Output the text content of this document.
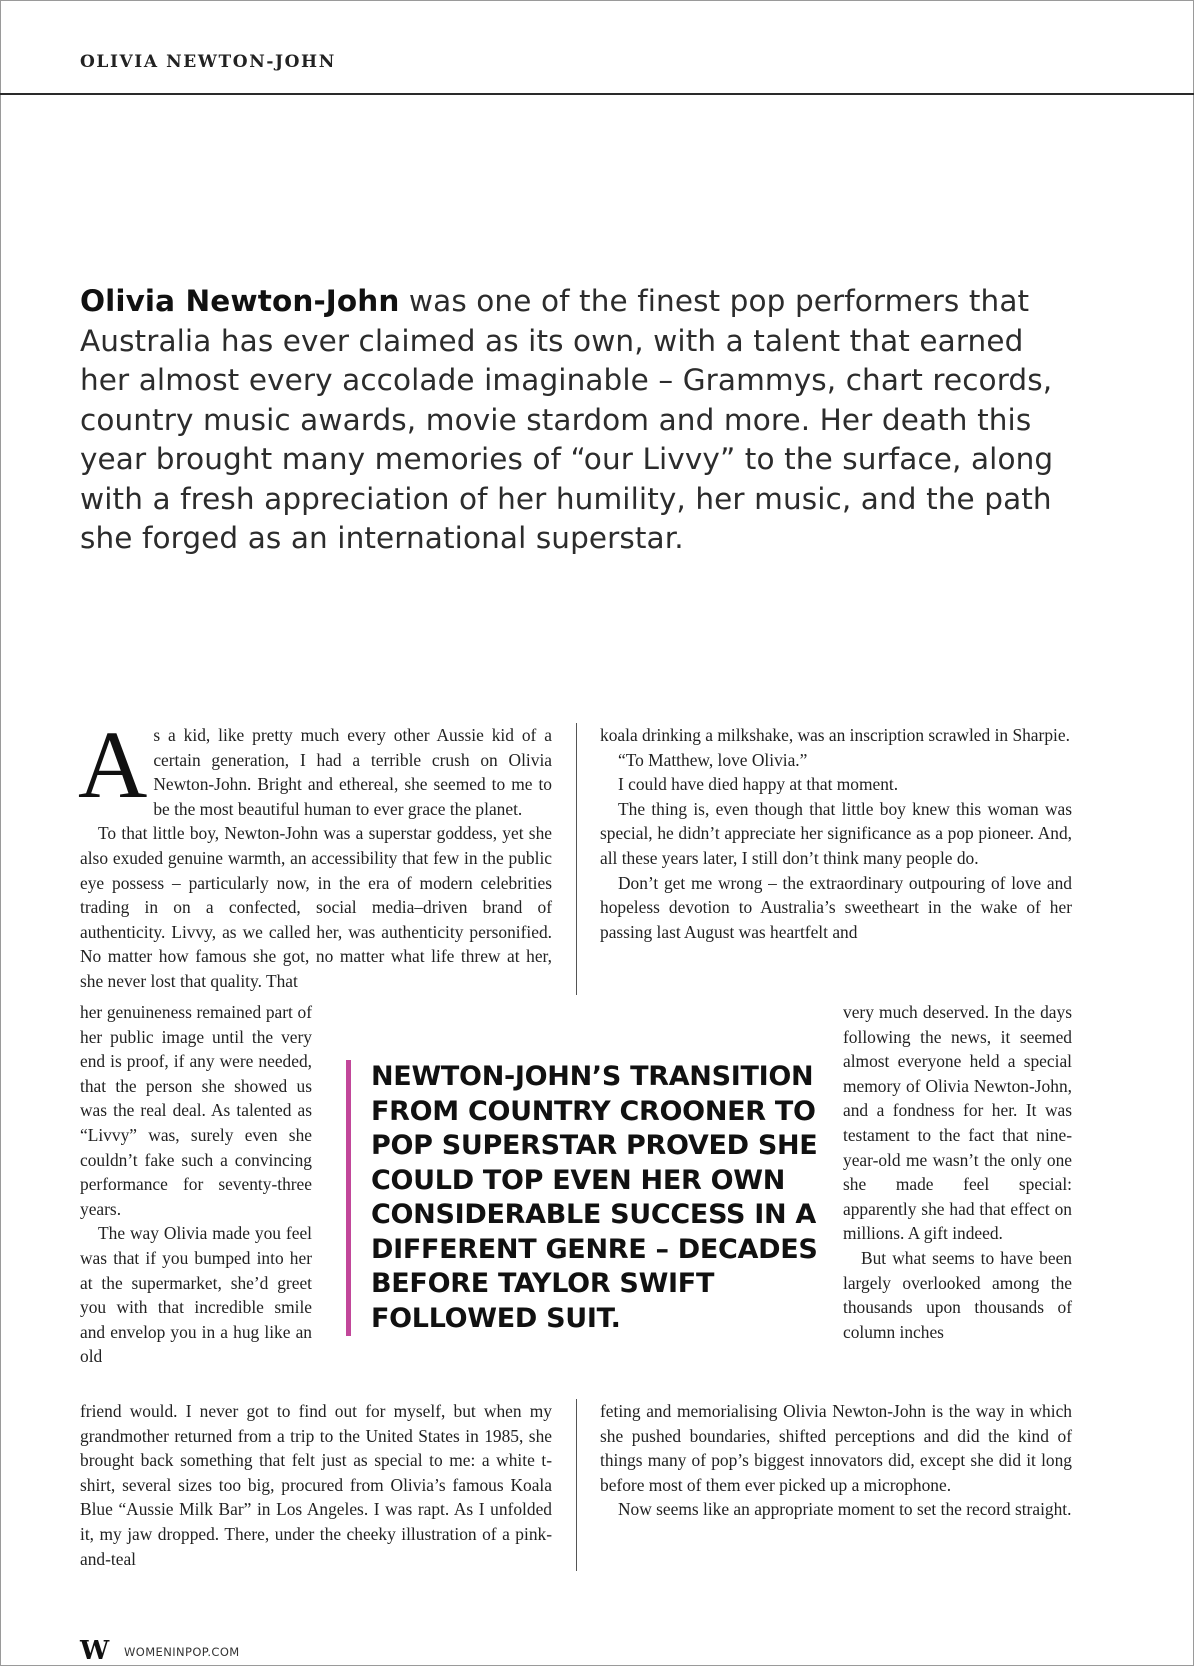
OLIVIA NEWTON-JOHN
Olivia Newton-John was one of the finest pop performers that Australia has ever claimed as its own, with a talent that earned her almost every accolade imaginable – Grammys, chart records, country music awards, movie stardom and more. Her death this year brought many memories of “our Livvy” to the surface, along with a fresh appreciation of her humility, her music, and the path she forged as an international superstar.

As a kid, like pretty much every other Aussie kid of a certain generation, I had a terrible crush on Olivia Newton-John. Bright and ethereal, she seemed to me to be the most beautiful human to ever grace the planet.

To that little boy, Newton-John was a superstar goddess, yet she also exuded genuine warmth, an accessibility that few in the public eye possess – particularly now, in the era of modern celebrities trading in on a confected, social media–driven brand of authenticity. Livvy, as we called her, was authenticity personified. No matter how famous she got, no matter what life threw at her, she never lost that quality. That

her genuineness remained part of her public image until the very end is proof, if any were needed, that the person she showed us was the real deal. As talented as “Livvy” was, surely even she couldn’t fake such a convincing performance for seventy-three years.

The way Olivia made you feel was that if you bumped into her at the supermarket, she’d greet you with that incredible smile and envelop you in a hug like an old

friend would. I never got to find out for myself, but when my grandmother returned from a trip to the United States in 1985, she brought back something that felt just as special to me: a white t-shirt, several sizes too big, procured from Olivia’s famous Koala Blue “Aussie Milk Bar” in Los Angeles. I was rapt. As I unfolded it, my jaw dropped. There, under the cheeky illustration of a pink-and-teal

koala drinking a milkshake, was an inscription scrawled in Sharpie.

“To Matthew, love Olivia.”

I could have died happy at that moment.

The thing is, even though that little boy knew this woman was special, he didn’t appreciate her significance as a pop pioneer. And, all these years later, I still don’t think many people do.

Don’t get me wrong – the extraordinary outpouring of love and hopeless devotion to Australia’s sweetheart in the wake of her passing last August was heartfelt and

very much deserved. In the days following the news, it seemed almost everyone held a special memory of Olivia Newton-John, and a fondness for her. It was testament to the fact that nine-year-old me wasn’t the only one she made feel special: apparently she had that effect on millions. A gift indeed.

But what seems to have been largely overlooked among the thousands upon thousands of column inches

feting and memorialising Olivia Newton-John is the way in which she pushed boundaries, shifted perceptions and did the kind of things many of pop’s biggest innovators did, except she did it long before most of them ever picked up a microphone.

Now seems like an appropriate moment to set the record straight.

NEWTON-JOHN’S TRANSITION FROM COUNTRY CROONER TO POP SUPERSTAR PROVED SHE COULD TOP EVEN HER OWN CONSIDERABLE SUCCESS IN A DIFFERENT GENRE – DECADES BEFORE TAYLOR SWIFT FOLLOWED SUIT.
W WOMENINPOP.COM
